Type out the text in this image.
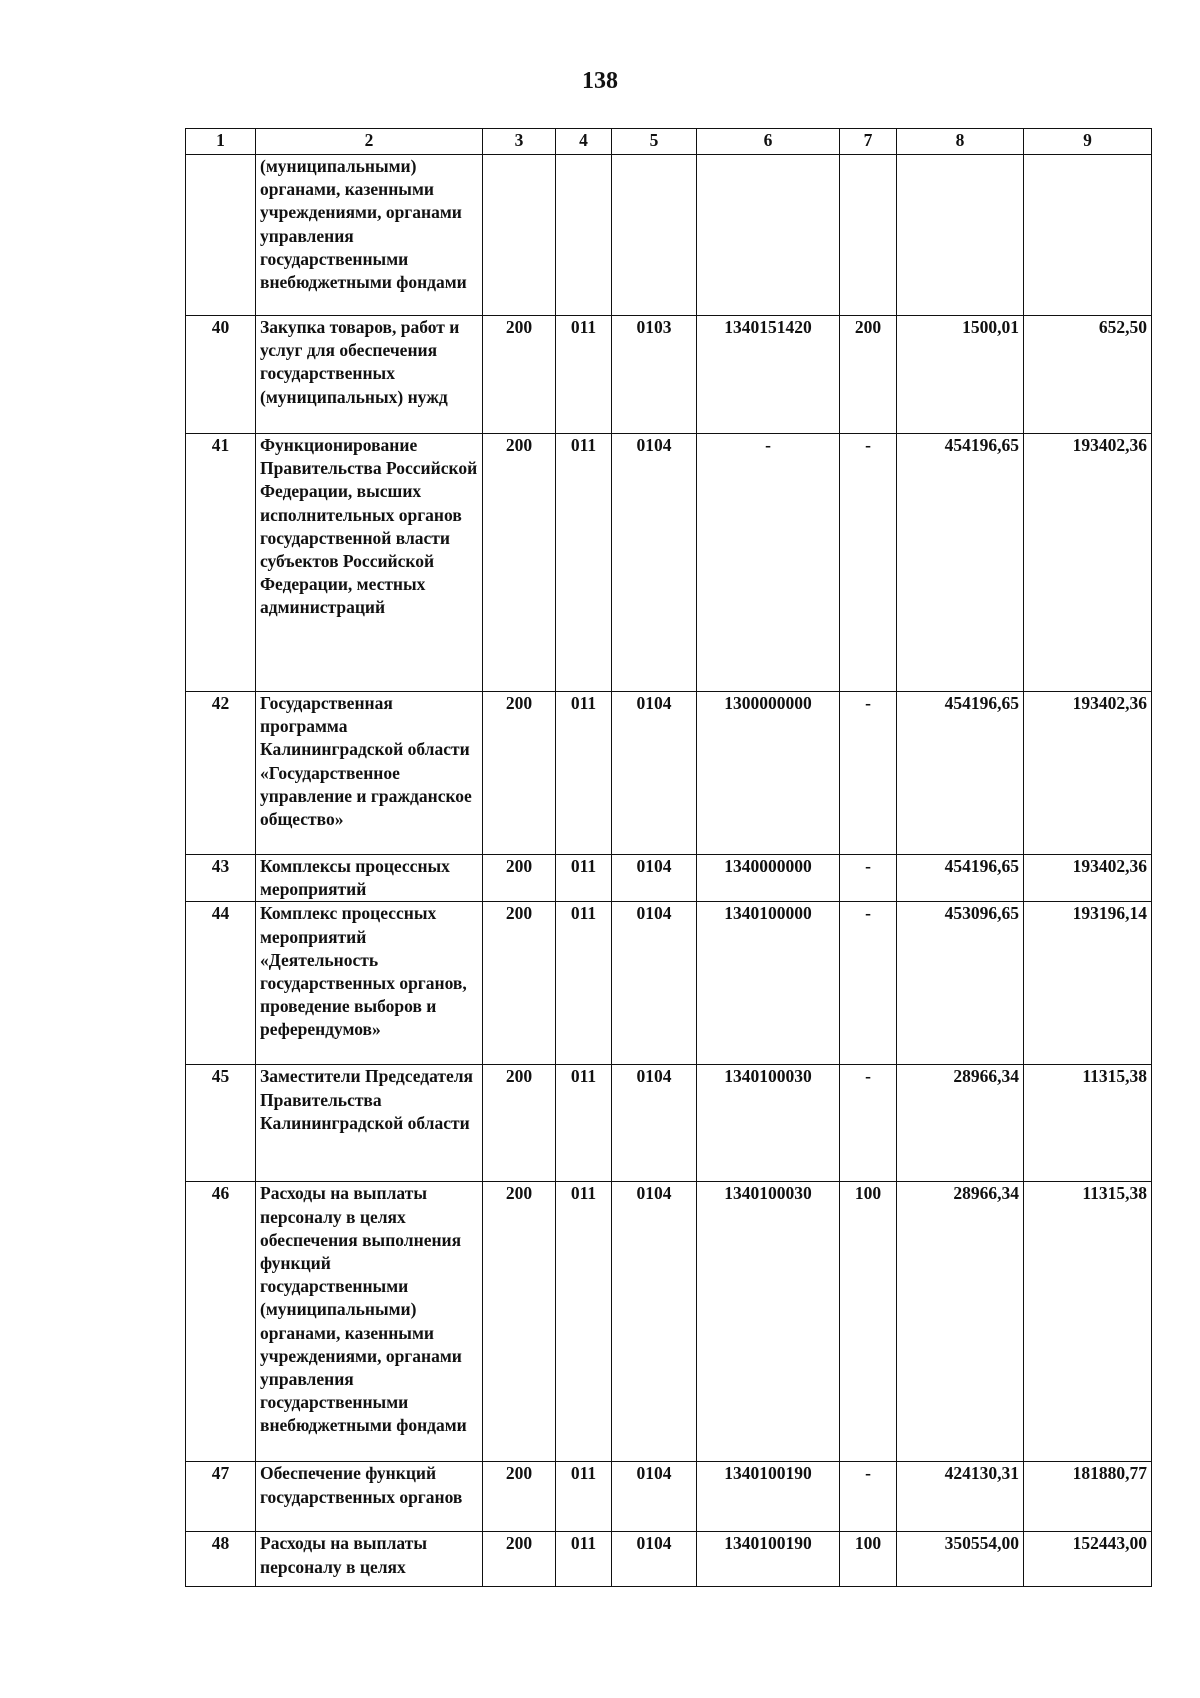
138
1	2	3	4	5	6	7	8	9
	(муниципальными) органами, казенными учреждениями, органами управления государственными внебюджетными фондами							
40	Закупка товаров, работ и услуг для обеспечения государственных (муниципальных) нужд	200	011	0103	1340151420	200	1500,01	652,50
41	Функционирование Правительства Российской Федерации, высших исполнительных органов государственной власти субъектов Российской Федерации, местных администраций	200	011	0104	-	-	454196,65	193402,36
42	Государственная программа Калининградской области «Государственное управление и гражданское общество»	200	011	0104	1300000000	-	454196,65	193402,36
43	Комплексы процессных мероприятий	200	011	0104	1340000000	-	454196,65	193402,36
44	Комплекс процессных мероприятий «Деятельность государственных органов, проведение выборов и референдумов»	200	011	0104	1340100000	-	453096,65	193196,14
45	Заместители Председателя Правительства Калининградской области	200	011	0104	1340100030	-	28966,34	11315,38
46	Расходы на выплаты персоналу в целях обеспечения выполнения функций государственными (муниципальными) органами, казенными учреждениями, органами управления государственными внебюджетными фондами	200	011	0104	1340100030	100	28966,34	11315,38
47	Обеспечение функций государственных органов	200	011	0104	1340100190	-	424130,31	181880,77
48	Расходы на выплаты персоналу в целях	200	011	0104	1340100190	100	350554,00	152443,00
